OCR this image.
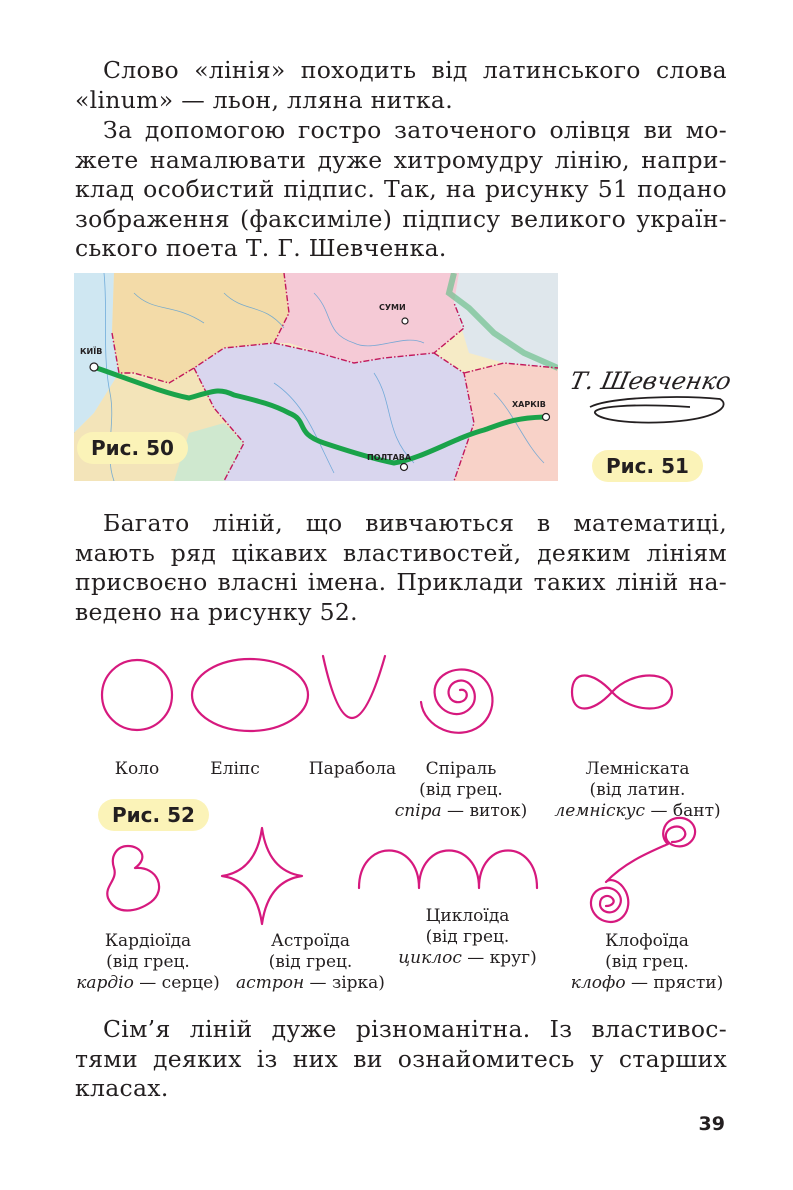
Слово «лінія» походить від латинського слова
«linum» — льон, лляна нитка.
За допомогою гостро заточеного олівця ви мо-
жете намалювати дуже хитромудру лінію, напри-
клад особистий підпис. Так, на рисунку 51 подано
зображення (факсиміле) підпису великого україн-
ського поета Т. Г. Шевченка.
КИЇВ
СУМИ
ПОЛТАВА
ХАРКІВ
Рис. 50
Т. Шевченко
Рис. 51
Багато ліній, що вивчаються в математиці,
мають ряд цікавих властивостей, деяким лініям
присвоєно власні імена. Приклади таких ліній на-
ведено на рисунку 52.
Коло	Еліпс	Парабола	Спіраль
(від грец.
спіра — виток)
Лемніската
(від латин.
лемніскус — бант)
Рис. 52
Кардіоїда
(від грец.
кардіо — серце)
Астроїда
(від грец.
астрон — зірка)
Циклоїда
(від грец.
циклос — круг)
Клофоїда
(від грец.
клофо — прясти)
Сім’я ліній дуже різноманітна. Із властивос-
тями деяких із них ви ознайомитесь у старших
класах.
39
